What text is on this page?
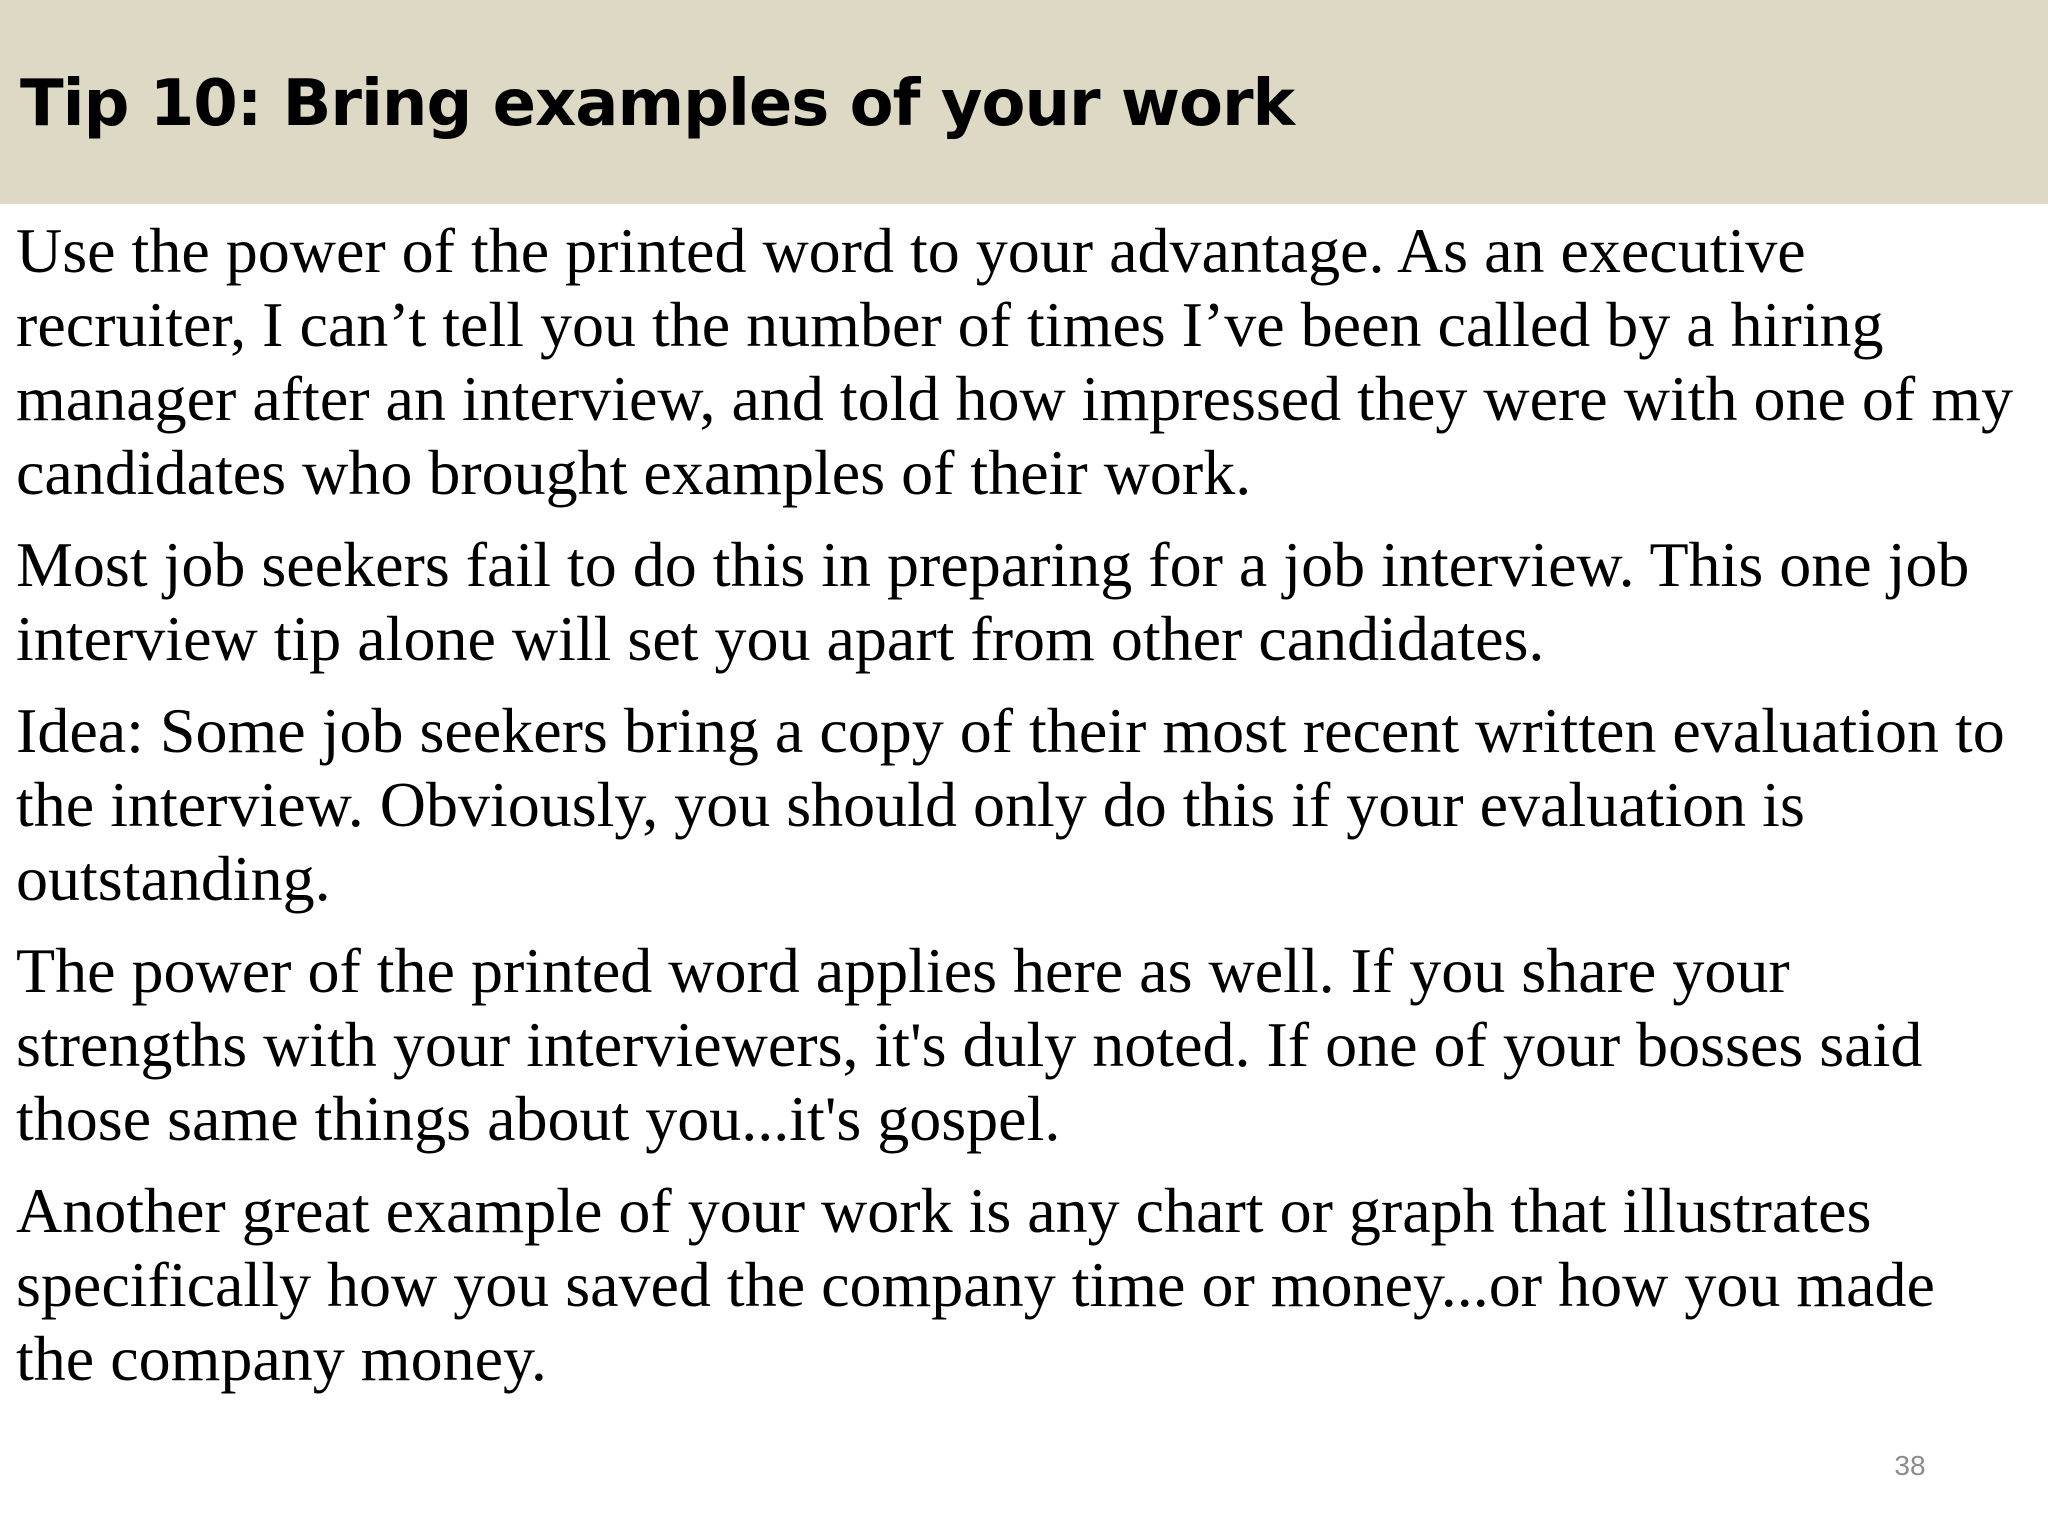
Tip 10: Bring examples of your work

Use the power of the printed word to your advantage. As an executive recruiter, I can’t tell you the number of times I’ve been called by a hiring manager after an interview, and told how impressed they were with one of my candidates who brought examples of their work.

Most job seekers fail to do this in preparing for a job interview. This one job interview tip alone will set you apart from other candidates.

Idea: Some job seekers bring a copy of their most recent written evaluation to the interview. Obviously, you should only do this if your evaluation is outstanding.

The power of the printed word applies here as well. If you share your strengths with your interviewers, it's duly noted. If one of your bosses said those same things about you...it's gospel.

Another great example of your work is any chart or graph that illustrates specifically how you saved the company time or money...or how you made the company money.

38
